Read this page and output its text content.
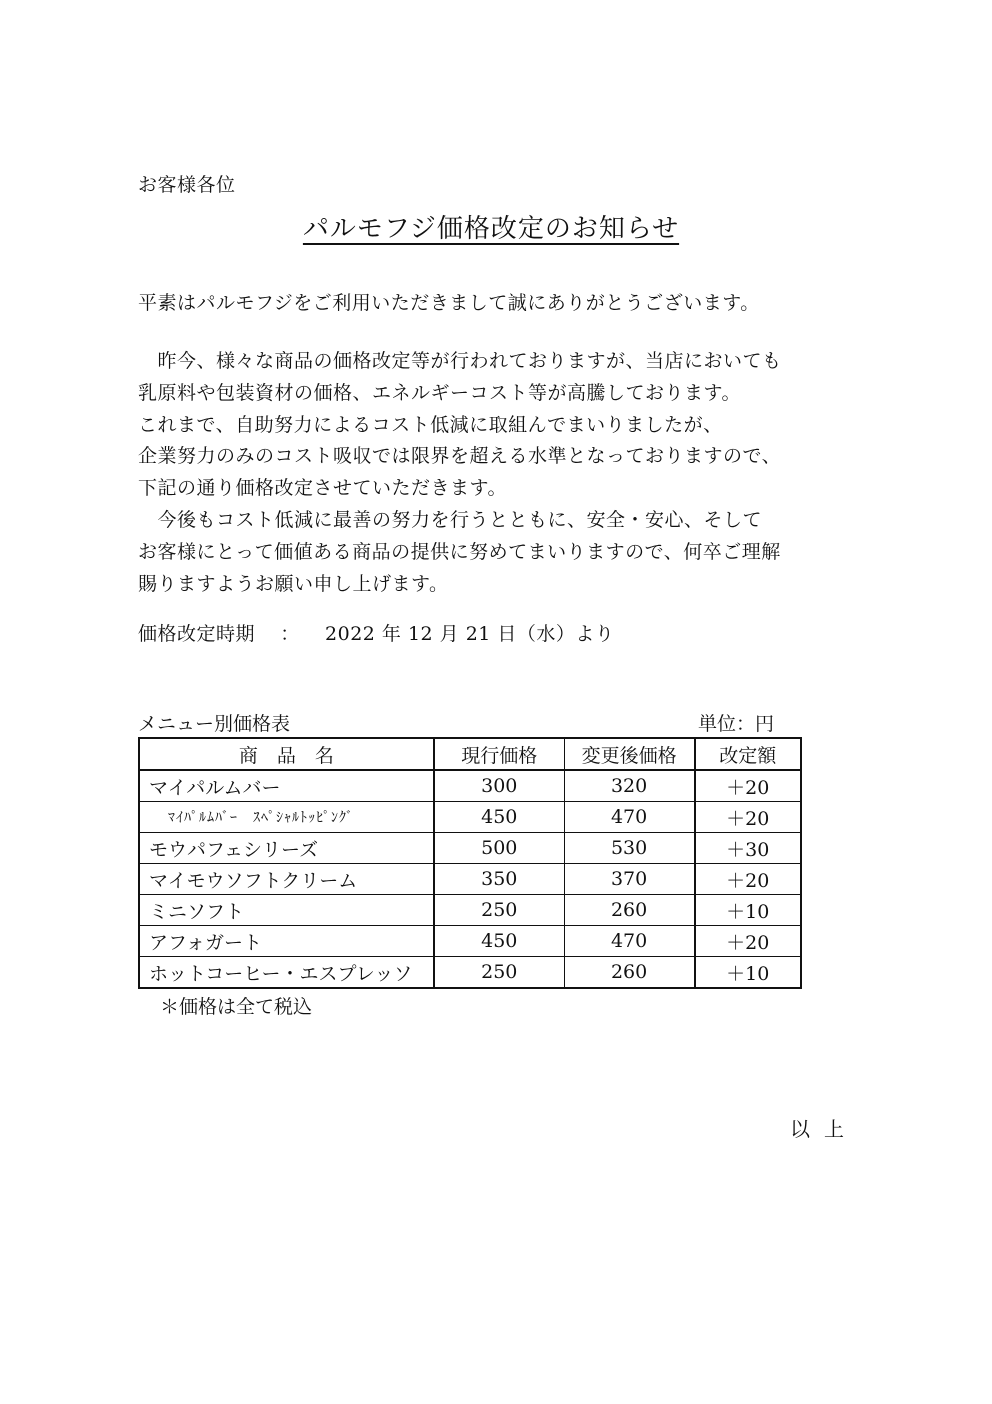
お客様各位
パルモフジ価格改定のお知らせ
平素はパルモフジをご利用いただきまして誠にありがとうございます。
　昨今、様々な商品の価格改定等が行われておりますが、当店においても
乳原料や包装資材の価格、エネルギーコスト等が高騰しております。
これまで、自助努力によるコスト低減に取組んでまいりましたが、
企業努力のみのコスト吸収では限界を超える水準となっておりますので、
下記の通り価格改定させていただきます。
　今後もコスト低減に最善の努力を行うとともに、安全・安心、そして
お客様にとって価値ある商品の提供に努めてまいりますので、何卒ご理解
賜りますようお願い申し上げます。
価格改定時期 ： 2022 年 12 月 21 日（水）より
メニュー別価格表	単位：円
商　品　名	現行価格	変更後価格	改定額
マイパルムバー	300	320	＋20
ﾏｲﾊﾟﾙﾑﾊﾞｰ　ｽﾍﾟｼｬﾙﾄｯﾋﾟﾝｸﾞ	450	470	＋20
モウパフェシリーズ	500	530	＋30
マイモウソフトクリーム	350	370	＋20
ミニソフト	250	260	＋10
アフォガート	450	470	＋20
ホットコーヒー・エスプレッソ	250	260	＋10
＊価格は全て税込
以上
